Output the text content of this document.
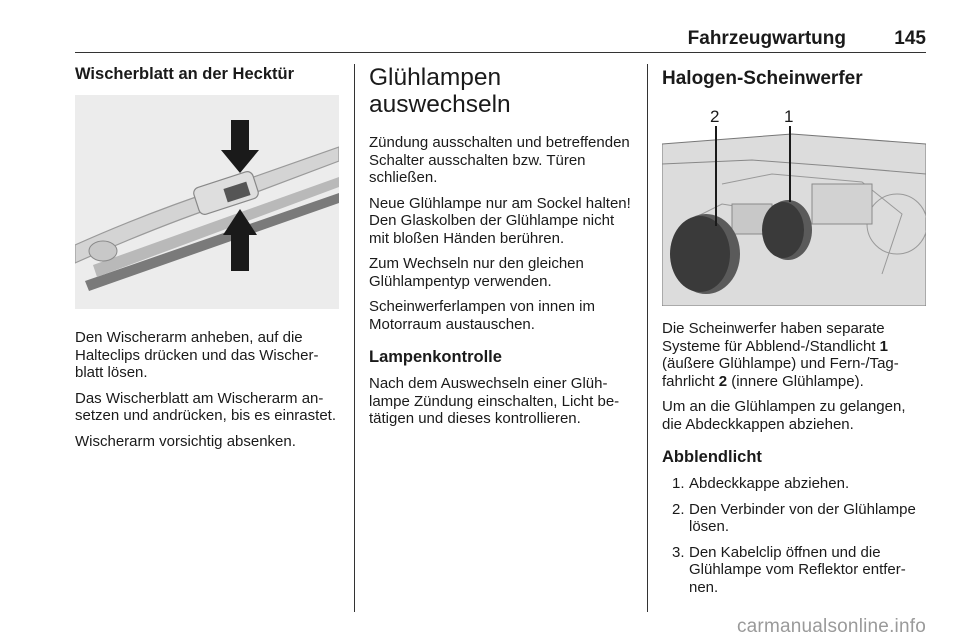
Fahrzeugwartung	145
Wischerblatt an der Hecktür

Den Wischerarm anheben, auf die Halteclips drücken und das Wischerblatt lösen.

Das Wischerblatt am Wischerarm ansetzen und andrücken, bis es einrastet.

Wischerarm vorsichtig absenken.

Glühlampen auswechseln

Zündung ausschalten und betreffenden Schalter ausschalten bzw. Türen schließen.

Neue Glühlampe nur am Sockel halten! Den Glaskolben der Glühlampe nicht mit bloßen Händen berühren.

Zum Wechseln nur den gleichen Glühlampentyp verwenden.

Scheinwerferlampen von innen im Motorraum austauschen.

Lampenkontrolle

Nach dem Auswechseln einer Glühlampe Zündung einschalten, Licht betätigen und dieses kontrollieren.

Halogen-Scheinwerfer
2	1

Die Scheinwerfer haben separate Systeme für Abblend-/Standlicht 1 (äußere Glühlampe) und Fern-/Tagfahrlicht 2 (innere Glühlampe).

Um an die Glühlampen zu gelangen, die Abdeckkappen abziehen.

Abblendlicht
1. Abdeckkappe abziehen.
2. Den Verbinder von der Glühlampe lösen.
3. Den Kabelclip öffnen und die Glühlampe vom Reflektor entfernen.
carmanualsonline.info
